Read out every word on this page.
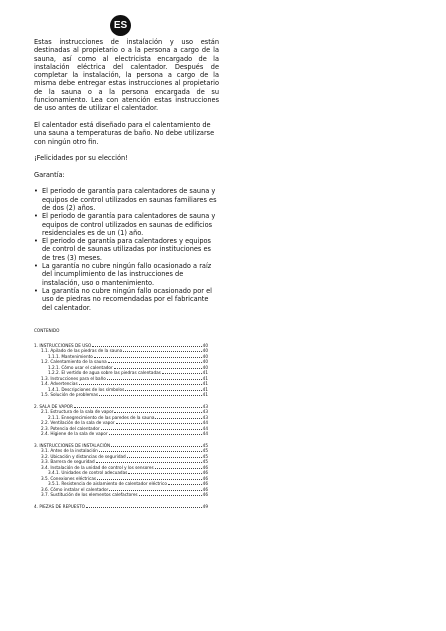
ES

Estas instrucciones de instalación y uso están destinadas al propietario o a la persona a cargo de la sauna, así como al electricista encargado de la instalación eléctrica del calentador. Después de completar la instalación, la persona a cargo de la misma debe entregar estas instrucciones al propietario de la sauna o a la persona encargada de su funcionamiento. Lea con atención estas instrucciones de uso antes de utilizar el calentador.

El calentador está diseñado para el calentamiento de una sauna a temperaturas de baño. No debe utilizarse con ningún otro fin.

¡Felicidades por su elección!

Garantía:

• El periodo de garantía para calentadores de sauna y equipos de control utilizados en saunas familiares es de dos (2) años.
• El periodo de garantía para calentadores de sauna y equipos de control utilizados en saunas de edificios residenciales es de un (1) año.
• El periodo de garantía para calentadores y equipos de control de saunas utilizadas por instituciones es de tres (3) meses.
• La garantía no cubre ningún fallo ocasionado a raíz del incumplimiento de las instrucciones de instalación, uso o mantenimiento.
• La garantía no cubre ningún fallo ocasionado por el uso de piedras no recomendadas por el fabricante del calentador.
CONTENIDO
1. INSTRUCCIONES DE USO	40
1.1. Apilado de las piedras de la sauna	40
1.1.1. Mantenimiento	40
1.2. Calentamiento de la sauna	40
1.2.1. Cómo usar el calentador	40
1.2.2. El vertido de agua sobre las piedras calentadas	41
1.3. Instrucciones para el baño	41
1.4. Advertencias	41
1.4.1. Descripciones de los símbolos	41
1.5. Solución de problemas	41
2. SALA DE VAPOR	43
2.1. Estructura de la sala de vapor	43
2.1.1. Ennegrecimiento de las paredes de la sauna	43
2.2. Ventilación de la sala de vapor	44
2.3. Potencia del calentador	44
2.4. Higiene de la sala de vapor	44
3. INSTRUCCIONES DE INSTALACIÓN	45
3.1. Antes de la instalación	45
3.2. Ubicación y distancias de seguridad	45
3.3. Barrera de seguridad	45
3.4. Instalación de la unidad de control y los sensores	46
3.4.1. Unidades de control adecuadas	46
3.5. Conexiones eléctricas	46
3.5.1. Resistencia de aislamiento de calentador eléctrico	46
3.6. Cómo instalar el calentador	46
3.7. Sustitución de los elementos calefactores	46
4. PIEZAS DE REPUESTO	49
